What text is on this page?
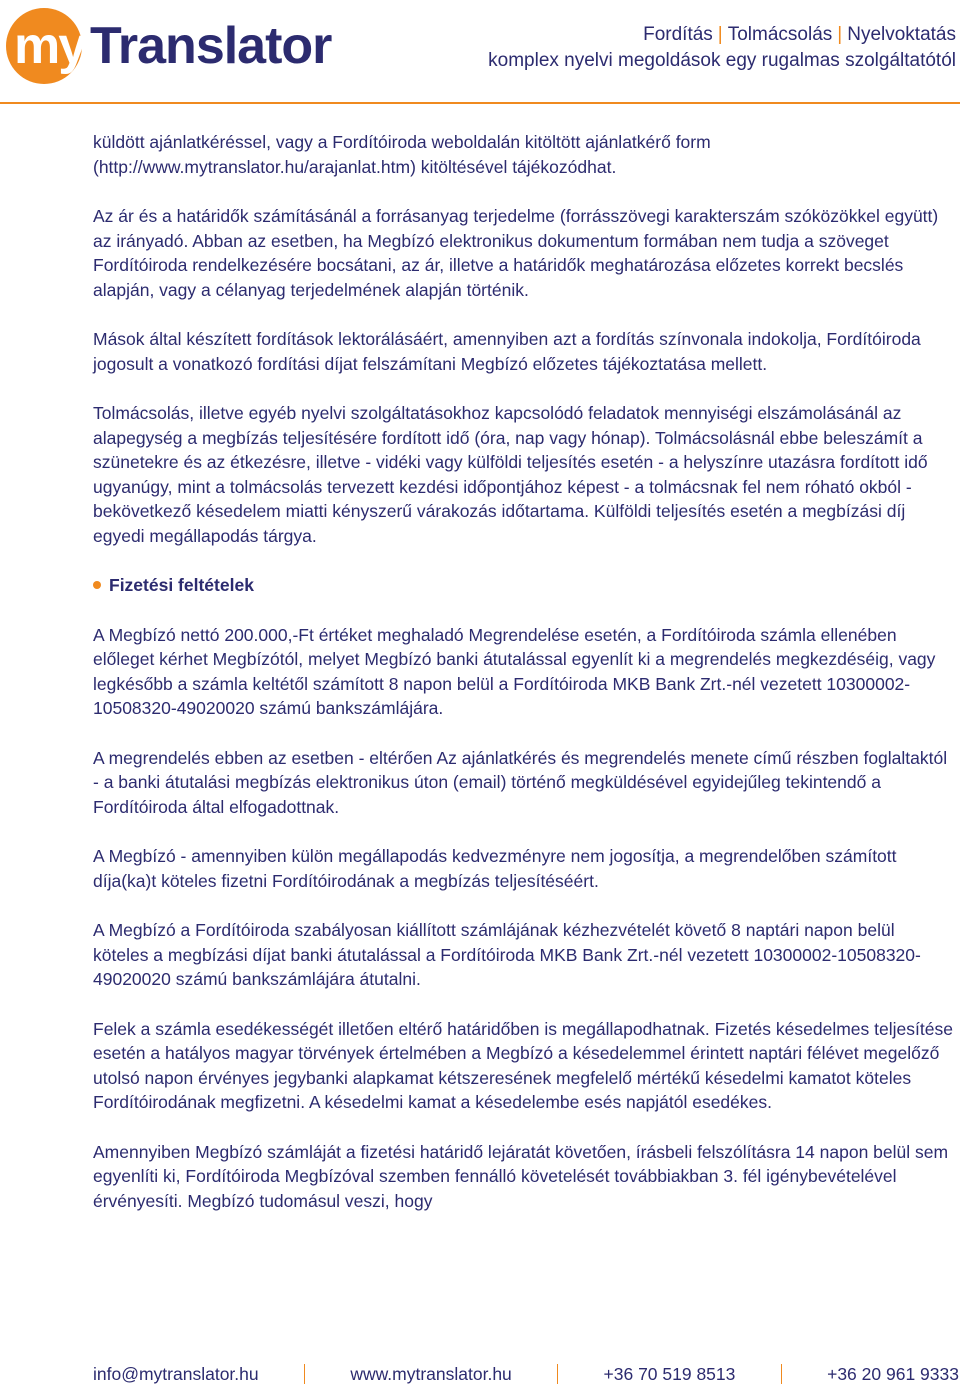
my Translator	Fordítás | Tolmácsolás | Nyelvoktatás
komplex nyelvi megoldások egy rugalmas szolgáltatótól

küldött ajánlatkéréssel, vagy a Fordítóiroda weboldalán kitöltött ajánlatkérő form (http://www.mytranslator.hu/arajanlat.htm) kitöltésével tájékozódhat.

Az ár és a határidők számításánál a forrásanyag terjedelme (forrásszövegi karakterszám szóközökkel együtt) az irányadó. Abban az esetben, ha Megbízó elektronikus dokumentum formában nem tudja a szöveget Fordítóiroda rendelkezésére bocsátani, az ár, illetve a határidők meghatározása előzetes korrekt becslés alapján, vagy a célanyag terjedelmének alapján történik.

Mások által készített fordítások lektorálásáért, amennyiben azt a fordítás színvonala indokolja, Fordítóiroda jogosult a vonatkozó fordítási díjat felszámítani Megbízó előzetes tájékoztatása mellett.

Tolmácsolás, illetve egyéb nyelvi szolgáltatásokhoz kapcsolódó feladatok mennyiségi elszámolásánál az alapegység a megbízás teljesítésére fordított idő (óra, nap vagy hónap). Tolmácsolásnál ebbe beleszámít a szünetekre és az étkezésre, illetve - vidéki vagy külföldi teljesítés esetén - a helyszínre utazásra fordított idő ugyanúgy, mint a tolmácsolás tervezett kezdési időpontjához képest - a tolmácsnak fel nem róható okból - bekövetkező késedelem miatti kényszerű várakozás időtartama. Külföldi teljesítés esetén a megbízási díj egyedi megállapodás tárgya.

Fizetési feltételek

A Megbízó nettó 200.000,-Ft értéket meghaladó Megrendelése esetén, a Fordítóiroda számla ellenében előleget kérhet Megbízótól, melyet Megbízó banki átutalással egyenlít ki a megrendelés megkezdéséig, vagy legkésőbb a számla keltétől számított 8 napon belül a Fordítóiroda MKB Bank Zrt.-nél vezetett 10300002-10508320-49020020 számú bankszámlájára.

A megrendelés ebben az esetben - eltérően Az ajánlatkérés és megrendelés menete című részben foglaltaktól - a banki átutalási megbízás elektronikus úton (email) történő megküldésével egyidejűleg tekintendő a Fordítóiroda által elfogadottnak.

A Megbízó - amennyiben külön megállapodás kedvezményre nem jogosítja, a megrendelőben számított díja(ka)t köteles fizetni Fordítóirodának a megbízás teljesítéséért.

A Megbízó a Fordítóiroda szabályosan kiállított számlájának kézhezvételét követő 8 naptári napon belül köteles a megbízási díjat banki átutalással a Fordítóiroda MKB Bank Zrt.-nél vezetett 10300002-10508320-49020020 számú bankszámlájára átutalni.

Felek a számla esedékességét illetően eltérő határidőben is megállapodhatnak. Fizetés késedelmes teljesítése esetén a hatályos magyar törvények értelmében a Megbízó a késedelemmel érintett naptári félévet megelőző utolsó napon érvényes jegybanki alapkamat kétszeresének megfelelő mértékű késedelmi kamatot köteles Fordítóirodának megfizetni. A késedelmi kamat a késedelembe esés napjától esedékes.

Amennyiben Megbízó számláját a fizetési határidő lejáratát követően, írásbeli felszólításra 14 napon belül sem egyenlíti ki, Fordítóiroda Megbízóval szemben fennálló követelését továbbiakban 3. fél igénybevételével érvényesíti. Megbízó tudomásul veszi, hogy

info@mytranslator.hu	www.mytranslator.hu	+36 70 519 8513	+36 20 961 9333
